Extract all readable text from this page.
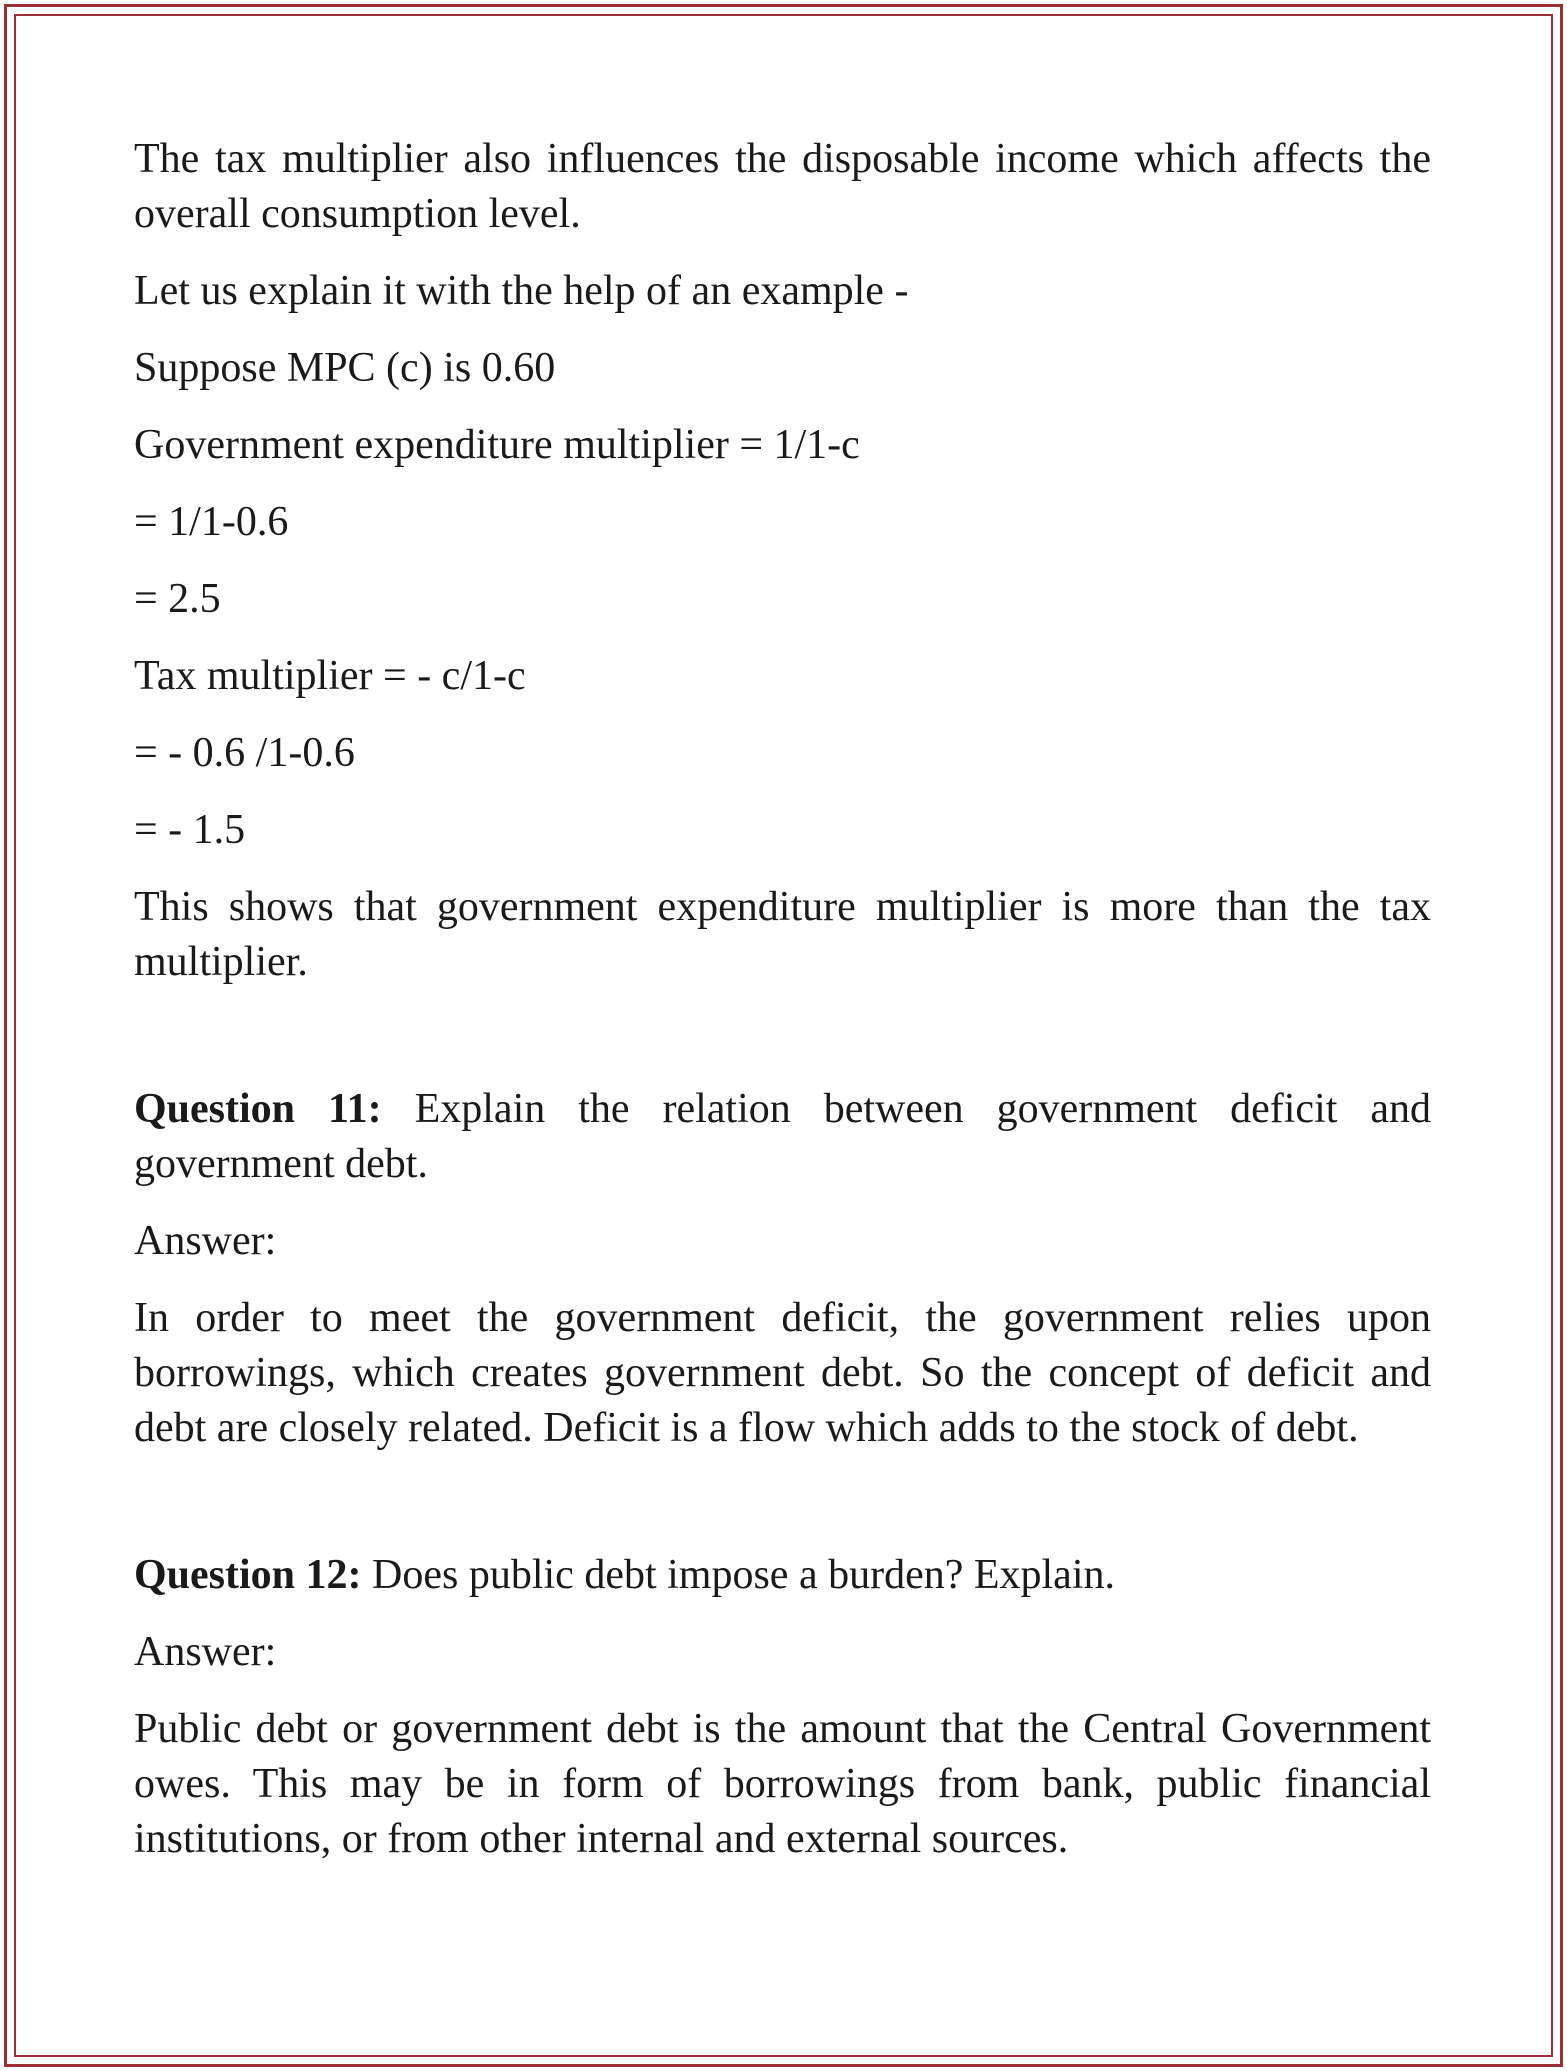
The tax multiplier also influences the disposable income which affects the overall consumption level.

Let us explain it with the help of an example -

Suppose MPC (c) is 0.60

Government expenditure multiplier = 1/1-c

= 1/1-0.6

= 2.5

Tax multiplier = - c/1-c

= - 0.6 /1-0.6

= - 1.5

This shows that government expenditure multiplier is more than the tax multiplier.

Question 11: Explain the relation between government deficit and government debt.

Answer:

In order to meet the government deficit, the government relies upon borrowings, which creates government debt. So the concept of deficit and debt are closely related. Deficit is a flow which adds to the stock of debt.

Question 12: Does public debt impose a burden? Explain.

Answer:

Public debt or government debt is the amount that the Central Government owes. This may be in form of borrowings from bank, public financial institutions, or from other internal and external sources.
